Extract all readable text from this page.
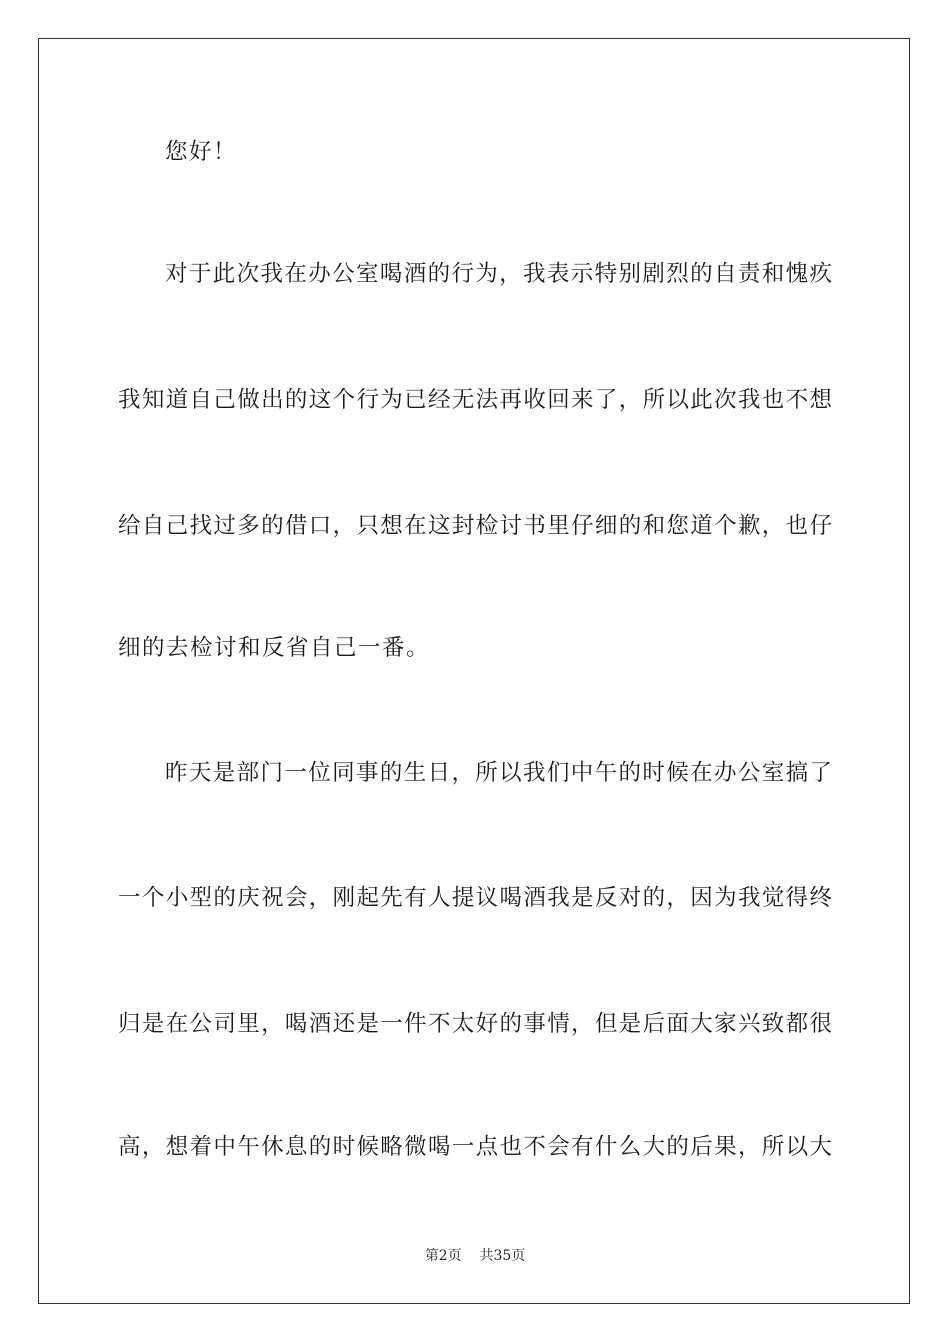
您好！
对于此次我在办公室喝酒的行为，我表示特别剧烈的自责和愧疚
我知道自己做出的这个行为已经无法再收回来了，所以此次我也不想
给自己找过多的借口，只想在这封检讨书里仔细的和您道个歉，也仔
细的去检讨和反省自己一番。
昨天是部门一位同事的生日，所以我们中午的时候在办公室搞了
一个小型的庆祝会，刚起先有人提议喝酒我是反对的，因为我觉得终
归是在公司里，喝酒还是一件不太好的事情，但是后面大家兴致都很
高，想着中午休息的时候略微喝一点也不会有什么大的后果，所以大
第2页 共35页
